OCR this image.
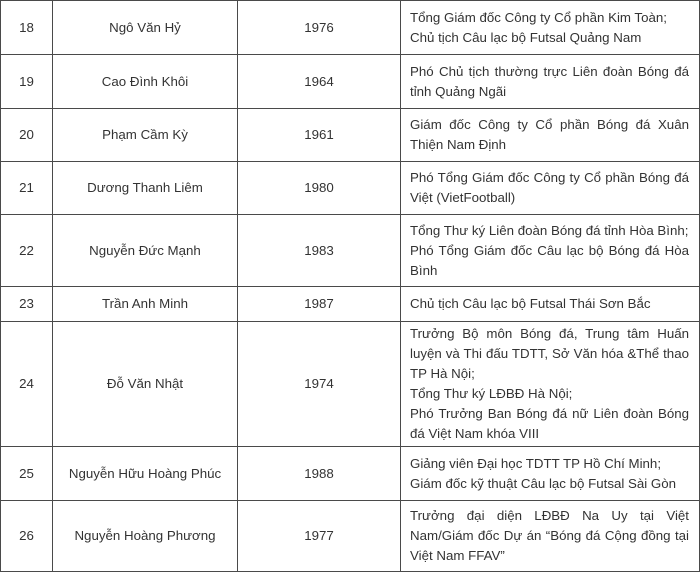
18	Ngô Văn Hỷ	1976	Tổng Giám đốc Công ty Cổ phần Kim Toàn;
Chủ tịch Câu lạc bộ Futsal Quảng Nam

19	Cao Đình Khôi	1964	Phó Chủ tịch thường trực Liên đoàn Bóng đá tỉnh Quảng Ngãi

20	Phạm Cầm Kỳ	1961	Giám đốc Công ty Cổ phần Bóng đá Xuân Thiện Nam Định

21	Dương Thanh Liêm	1980	Phó Tổng Giám đốc Công ty Cổ phần Bóng đá Việt (VietFootball)

22	Nguyễn Đức Mạnh	1983	Tổng Thư ký Liên đoàn Bóng đá tỉnh Hòa Bình;
Phó Tổng Giám đốc Câu lạc bộ Bóng đá Hòa Bình

23	Trần Anh Minh	1987	Chủ tịch Câu lạc bộ Futsal Thái Sơn Bắc

24	Đỗ Văn Nhật	1974	Trưởng Bộ môn Bóng đá, Trung tâm Huấn luyện và Thi đấu TDTT, Sở Văn hóa &Thể thao TP Hà Nội;
Tổng Thư ký LĐBĐ Hà Nội;
Phó Trưởng Ban Bóng đá nữ Liên đoàn Bóng đá Việt Nam khóa VIII

25	Nguyễn Hữu Hoàng Phúc	1988	Giảng viên Đại học TDTT TP Hồ Chí Minh;
Giám đốc kỹ thuật Câu lạc bộ Futsal Sài Gòn

26	Nguyễn Hoàng Phương	1977	Trưởng đại diện LĐBĐ Na Uy tại Việt Nam/Giám đốc Dự án “Bóng đá Cộng đồng tại Việt Nam FFAV”
